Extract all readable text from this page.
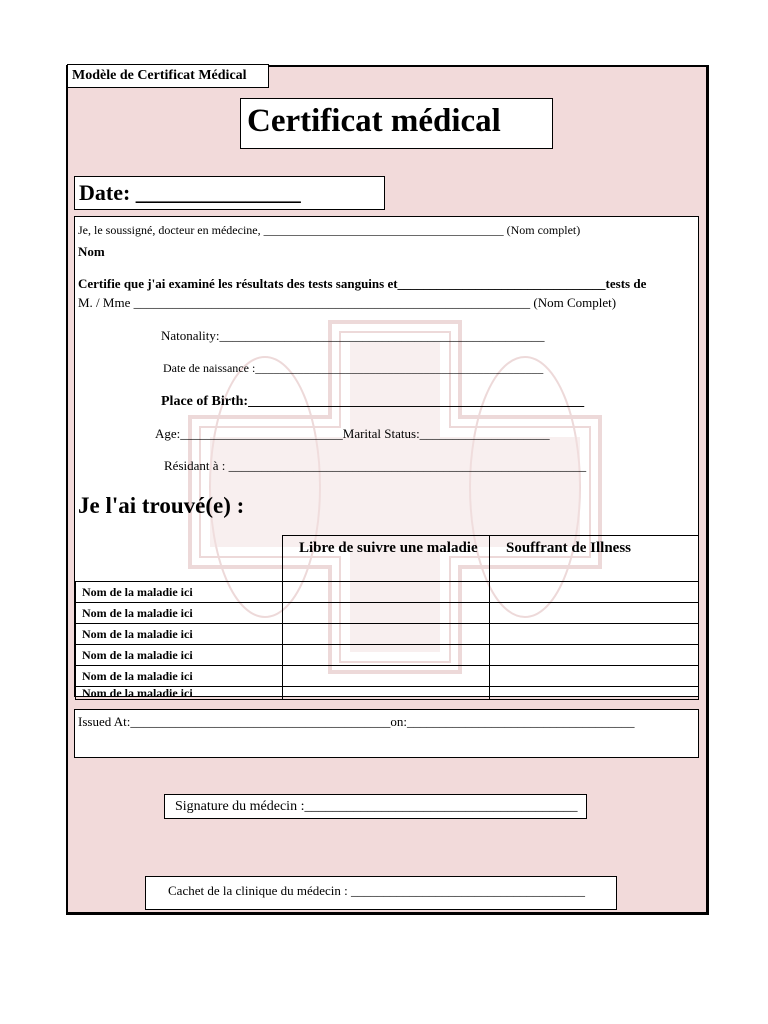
Modèle de Certificat Médical
Certificat médical
Date: _______________
Je, le soussigné, docteur en médecine, ________________________________________ (Nom complet)
Nom
Certifie que j'ai examiné les résultats des tests sanguins et________________________________tests de
M. / Mme _____________________________________________________________ (Nom Complet)
Natonality:__________________________________________________
Date de naissance :________________________________________________
Place of Birth:________________________________________________
Age:_________________________Marital Status:____________________
Résidant à : _______________________________________________________
Je l'ai trouvé(e) :
	Libre de suivre une maladie	Souffrant de Illness
Nom de la maladie ici		
Nom de la maladie ici		
Nom de la maladie ici		
Nom de la maladie ici		
Nom de la maladie ici		
Nom de la maladie ici		
Issued At:________________________________________on:___________________________________
Signature du médecin :_______________________________________
Cachet de la clinique du médecin : ____________________________________
